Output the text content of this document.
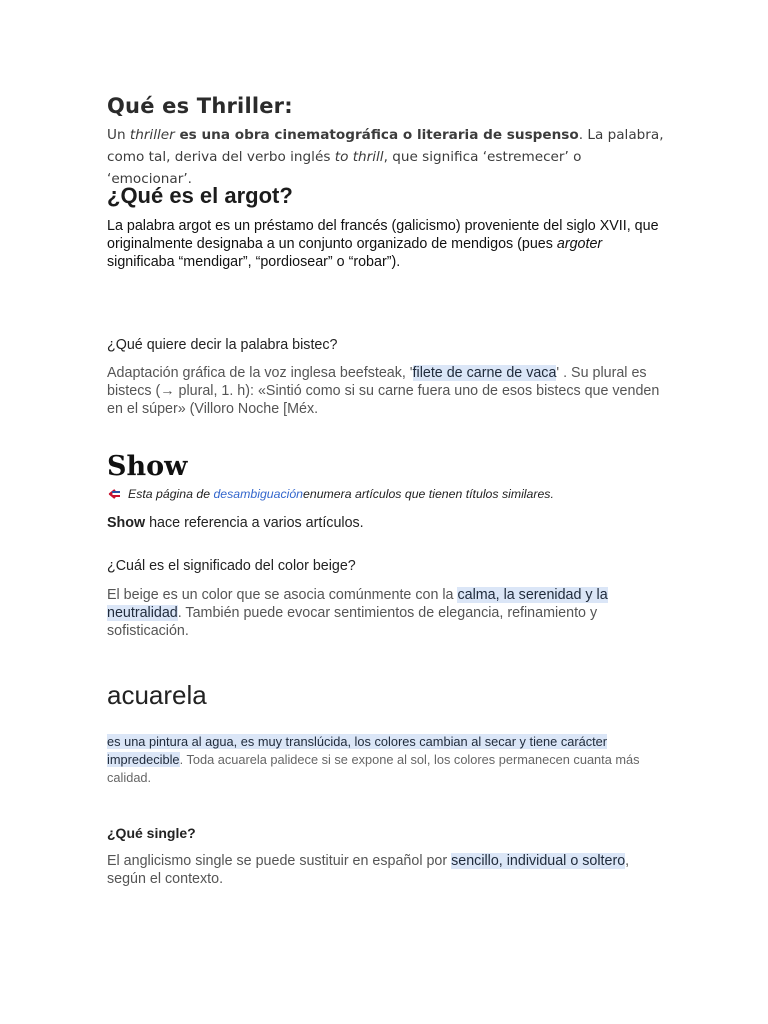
Qué es Thriller:

Un thriller es una obra cinematográfica o literaria de suspenso. La palabra, como tal, deriva del verbo inglés to thrill, que significa ‘estremecer’ o ‘emocionar’.

¿Qué es el argot?

La palabra argot es un préstamo del francés (galicismo) proveniente del siglo XVII, que originalmente designaba a un conjunto organizado de mendigos (pues argoter significaba “mendigar”, “pordiosear” o “robar”).

¿Qué quiere decir la palabra bistec?

Adaptación gráfica de la voz inglesa beefsteak, 'filete de carne de vaca' . Su plural es bistecs (→ plural, 1. h): «Sintió como si su carne fuera uno de esos bistecs que venden en el súper» (Villoro Noche [Méx.

Show
Esta página de
desambiguación enumera artículos que tienen títulos similares.

Show hace referencia a varios artículos.

¿Cuál es el significado del color beige?

El beige es un color que se asocia comúnmente con la calma, la serenidad y la neutralidad. También puede evocar sentimientos de elegancia, refinamiento y sofisticación.

acuarela

es una pintura al agua, es muy translúcida, los colores cambian al secar y tiene carácter impredecible. Toda acuarela palidece si se expone al sol, los colores permanecen cuanta más calidad.

¿Qué single?

El anglicismo single se puede sustituir en español por sencillo, individual o soltero, según el contexto.
